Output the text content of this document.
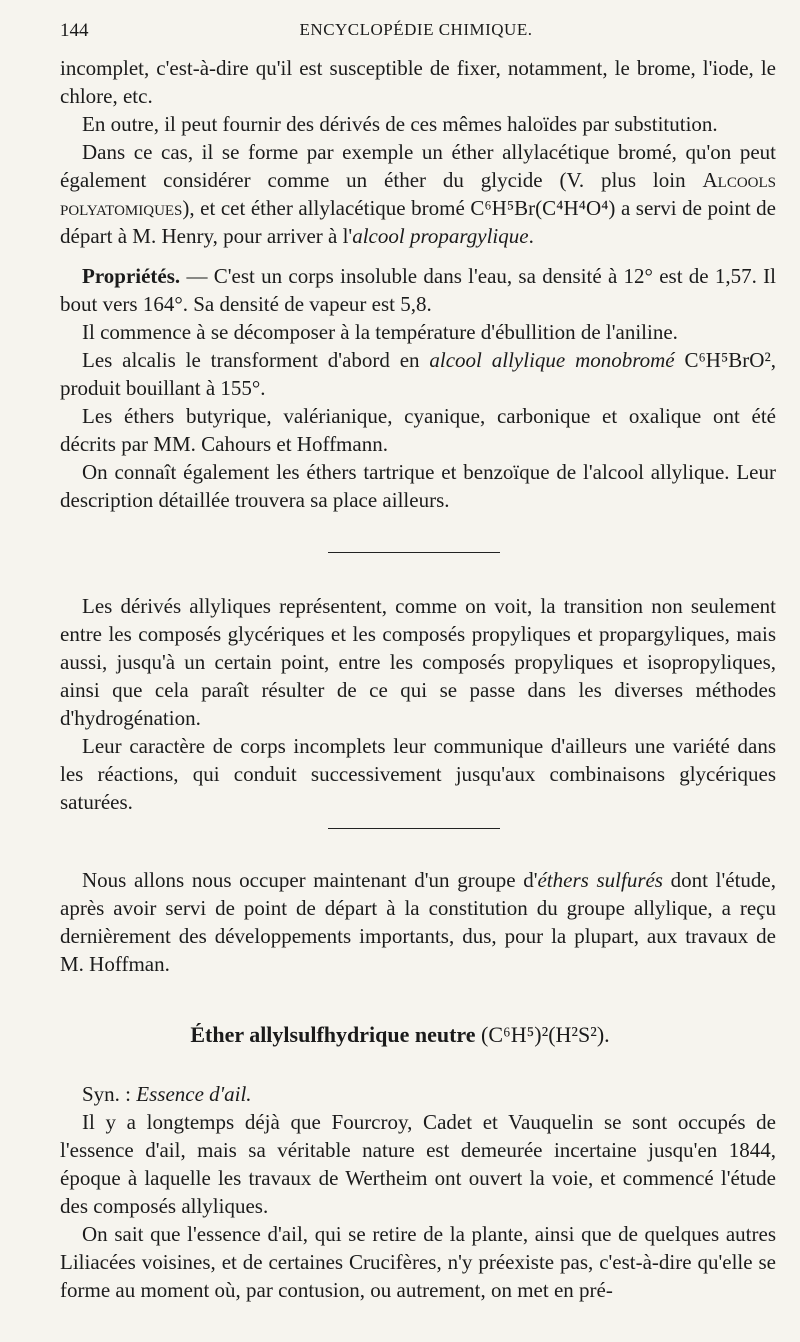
144	ENCYCLOPÉDIE CHIMIQUE.

incomplet, c'est-à-dire qu'il est susceptible de fixer, notamment, le brome, l'iode, le chlore, etc.

En outre, il peut fournir des dérivés de ces mêmes haloïdes par substitution.

Dans ce cas, il se forme par exemple un éther allylacétique bromé, qu'on peut également considérer comme un éther du glycide (V. plus loin Alcools polyatomiques), et cet éther allylacétique bromé C⁶H⁵Br(C⁴H⁴O⁴) a servi de point de départ à M. Henry, pour arriver à l'alcool propargylique.

Propriétés. — C'est un corps insoluble dans l'eau, sa densité à 12° est de 1,57. Il bout vers 164°. Sa densité de vapeur est 5,8.

Il commence à se décomposer à la température d'ébullition de l'aniline.

Les alcalis le transforment d'abord en alcool allylique monobromé C⁶H⁵BrO², produit bouillant à 155°.

Les éthers butyrique, valérianique, cyanique, carbonique et oxalique ont été décrits par MM. Cahours et Hoffmann.

On connaît également les éthers tartrique et benzoïque de l'alcool allylique. Leur description détaillée trouvera sa place ailleurs.

Les dérivés allyliques représentent, comme on voit, la transition non seulement entre les composés glycériques et les composés propyliques et propargyliques, mais aussi, jusqu'à un certain point, entre les composés propyliques et isopropyliques, ainsi que cela paraît résulter de ce qui se passe dans les diverses méthodes d'hydrogénation.

Leur caractère de corps incomplets leur communique d'ailleurs une variété dans les réactions, qui conduit successivement jusqu'aux combinaisons glycériques saturées.

Nous allons nous occuper maintenant d'un groupe d'éthers sulfurés dont l'étude, après avoir servi de point de départ à la constitution du groupe allylique, a reçu dernièrement des développements importants, dus, pour la plupart, aux travaux de M. Hoffman.

Éther allylsulfhydrique neutre (C⁶H⁵)²(H²S²).

Syn. : Essence d'ail.

Il y a longtemps déjà que Fourcroy, Cadet et Vauquelin se sont occupés de l'essence d'ail, mais sa véritable nature est demeurée incertaine jusqu'en 1844, époque à laquelle les travaux de Wertheim ont ouvert la voie, et commencé l'étude des composés allyliques.

On sait que l'essence d'ail, qui se retire de la plante, ainsi que de quelques autres Liliacées voisines, et de certaines Crucifères, n'y préexiste pas, c'est-à-dire qu'elle se forme au moment où, par contusion, ou autrement, on met en pré-
